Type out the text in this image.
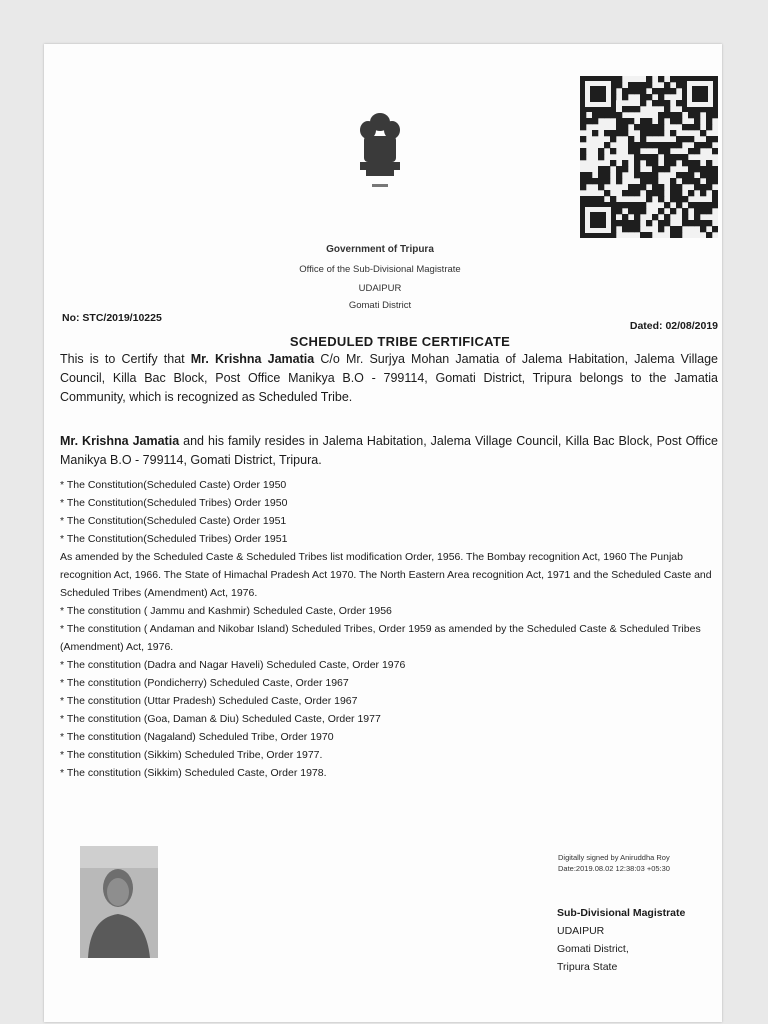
Government of Tripura
Office of the Sub-Divisional Magistrate
UDAIPUR
Gomati District
No: STC/2019/10225
Dated: 02/08/2019
SCHEDULED TRIBE CERTIFICATE
This is to Certify that Mr. Krishna Jamatia C/o Mr. Surjya Mohan Jamatia of Jalema Habitation, Jalema Village Council, Killa Bac Block, Post Office Manikya B.O - 799114, Gomati District, Tripura belongs to the Jamatia Community, which is recognized as Scheduled Tribe.
Mr. Krishna Jamatia and his family resides in Jalema Habitation, Jalema Village Council, Killa Bac Block, Post Office Manikya B.O - 799114, Gomati District, Tripura.
* The Constitution(Scheduled Caste) Order 1950
* The Constitution(Scheduled Tribes) Order 1950
* The Constitution(Scheduled Caste) Order 1951
* The Constitution(Scheduled Tribes) Order 1951
As amended by the Scheduled Caste & Scheduled Tribes list modification Order, 1956. The Bombay recognition Act, 1960 The Punjab recognition Act, 1966. The State of Himachal Pradesh Act 1970. The North Eastern Area recognition Act, 1971 and the Scheduled Caste and Scheduled Tribes (Amendment) Act, 1976.
* The constitution ( Jammu and Kashmir) Scheduled Caste, Order 1956
* The constitution ( Andaman and Nikobar Island) Scheduled Tribes, Order 1959 as amended by the Scheduled Caste & Scheduled Tribes (Amendment) Act, 1976.
* The constitution (Dadra and Nagar Haveli) Scheduled Caste, Order 1976
* The constitution (Pondicherry) Scheduled Caste, Order 1967
* The constitution (Uttar Pradesh) Scheduled Caste, Order 1967
* The constitution (Goa, Daman & Diu) Scheduled Caste, Order 1977
* The constitution (Nagaland) Scheduled Tribe, Order 1970
* The constitution (Sikkim) Scheduled Tribe, Order 1977.
* The constitution (Sikkim) Scheduled Caste, Order 1978.
Digitally signed by Aniruddha Roy
Date:2019.08.02 12:38:03 +05:30
Sub-Divisional Magistrate
UDAIPUR
Gomati District,
Tripura State
